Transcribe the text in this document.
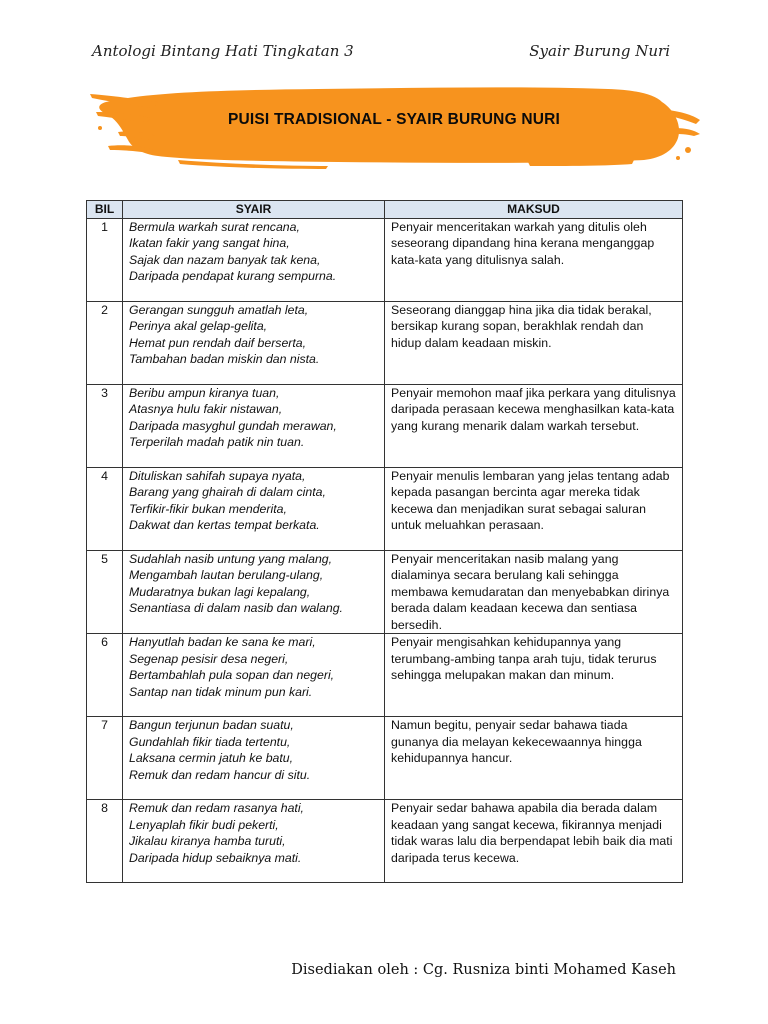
Antologi Bintang Hati Tingkatan 3	Syair Burung Nuri
PUISI TRADISIONAL - SYAIR BURUNG NURI
BIL	SYAIR	MAKSUD
1	Bermula warkah surat rencana,
Ikatan fakir yang sangat hina,
Sajak dan nazam banyak tak kena,
Daripada pendapat kurang sempurna.	Penyair menceritakan warkah yang ditulis oleh seseorang dipandang hina kerana menganggap kata-kata yang ditulisnya salah.

2	Gerangan sungguh amatlah leta,
Perinya akal gelap-gelita,
Hemat pun rendah daif berserta,
Tambahan badan miskin dan nista.	Seseorang dianggap hina jika dia tidak berakal, bersikap kurang sopan, berakhlak rendah dan hidup dalam keadaan miskin.

3	Beribu ampun kiranya tuan,
Atasnya hulu fakir nistawan,
Daripada masyghul gundah merawan,
Terperilah madah patik nin tuan.	Penyair memohon maaf jika perkara yang ditulisnya daripada perasaan kecewa menghasilkan kata-kata yang kurang menarik dalam warkah tersebut.

4	Dituliskan sahifah supaya nyata,
Barang yang ghairah di dalam cinta,
Terfikir-fikir bukan menderita,
Dakwat dan kertas tempat berkata.	Penyair menulis lembaran yang jelas tentang adab kepada pasangan bercinta agar mereka tidak kecewa dan menjadikan surat sebagai saluran untuk meluahkan perasaan.

5	Sudahlah nasib untung yang malang,
Mengambah lautan berulang-ulang,
Mudaratnya bukan lagi kepalang,
Senantiasa di dalam nasib dan walang.	Penyair menceritakan nasib malang yang dialaminya secara berulang kali sehingga membawa kemudaratan dan menyebabkan dirinya berada dalam keadaan kecewa dan sentiasa bersedih.

6	Hanyutlah badan ke sana ke mari,
Segenap pesisir desa negeri,
Bertambahlah pula sopan dan negeri,
Santap nan tidak minum pun kari.	Penyair mengisahkan kehidupannya yang terumbang-ambing tanpa arah tuju, tidak terurus sehingga melupakan makan dan minum.

7	Bangun terjunun badan suatu,
Gundahlah fikir tiada tertentu,
Laksana cermin jatuh ke batu,
Remuk dan redam hancur di situ.	Namun begitu, penyair sedar bahawa tiada gunanya dia melayan kekecewaannya hingga kehidupannya hancur.

8	Remuk dan redam rasanya hati,
Lenyaplah fikir budi pekerti,
Jikalau kiranya hamba turuti,
Daripada hidup sebaiknya mati.	Penyair sedar bahawa apabila dia berada dalam keadaan yang sangat kecewa, fikirannya menjadi tidak waras lalu dia berpendapat lebih baik dia mati daripada terus kecewa.
Disediakan oleh : Cg. Rusniza binti Mohamed Kaseh
